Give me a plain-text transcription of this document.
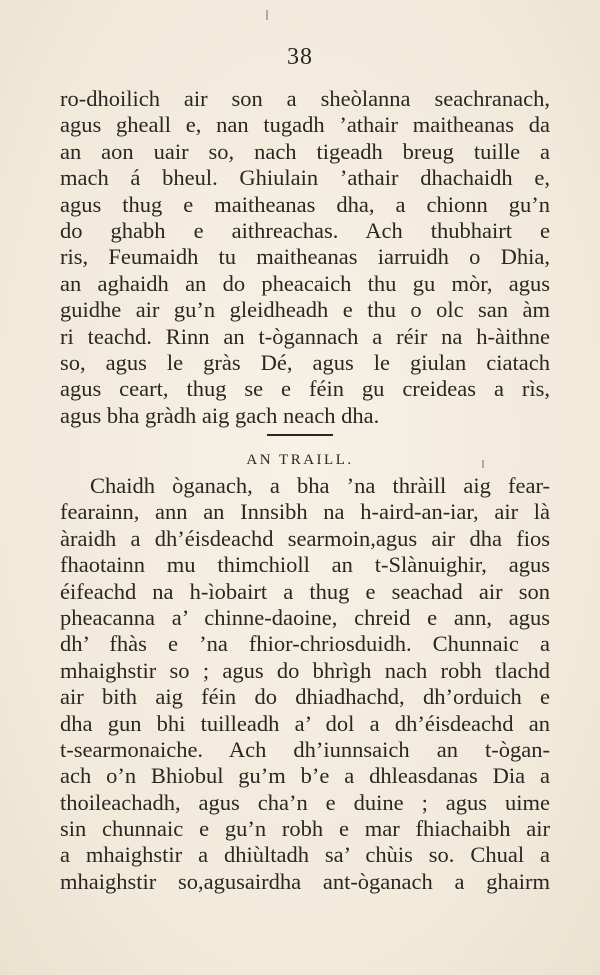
38
ro-dhoilich air son a sheòlanna seachranach,
agus gheall e, nan tugadh ’athair maitheanas da
an aon uair so, nach tigeadh breug tuille a
mach á bheul. Ghiulain ’athair dhachaidh e,
agus thug e maitheanas dha, a chionn gu’n
do ghabh e aithreachas. Ach thubhairt e
ris, Feumaidh tu maitheanas iarruidh o Dhia,
an aghaidh an do pheacaich thu gu mòr, agus
guidhe air gu’n gleidheadh e thu o olc san àm
ri teachd. Rinn an t-ògannach a réir na h-àithne
so, agus le gràs Dé, agus le giulan ciatach
agus ceart, thug se e féin gu creideas a rìs,
agus bha gràdh aig gach neach dha.
AN TRAILL.
Chaidh òganach, a bha ’na thràill aig fear-
fearainn, ann an Innsibh na h-aird-an-iar, air là
àraidh a dh’éisdeachd searmoin,agus air dha fios
fhaotainn mu thimchioll an t-Slànuighir, agus
éifeachd na h-ìobairt a thug e seachad air son
pheacanna a’ chinne-daoine, chreid e ann, agus
dh’ fhàs e ’na fhior-chriosduidh. Chunnaic a
mhaighstir so ; agus do bhrìgh nach robh tlachd
air bith aig féin do dhiadhachd, dh’orduich e
dha gun bhi tuilleadh a’ dol a dh’éisdeachd an
t-searmonaiche. Ach dh’iunnsaich an t-ògan-
ach o’n Bhiobul gu’m b’e a dhleasdanas Dia a
thoileachadh, agus cha’n e duine ; agus uime
sin chunnaic e gu’n robh e mar fhiachaibh air
a mhaighstir a dhiùltadh sa’ chùis so. Chual a
mhaighstir so,agusairdha ant-òganach a ghairm
